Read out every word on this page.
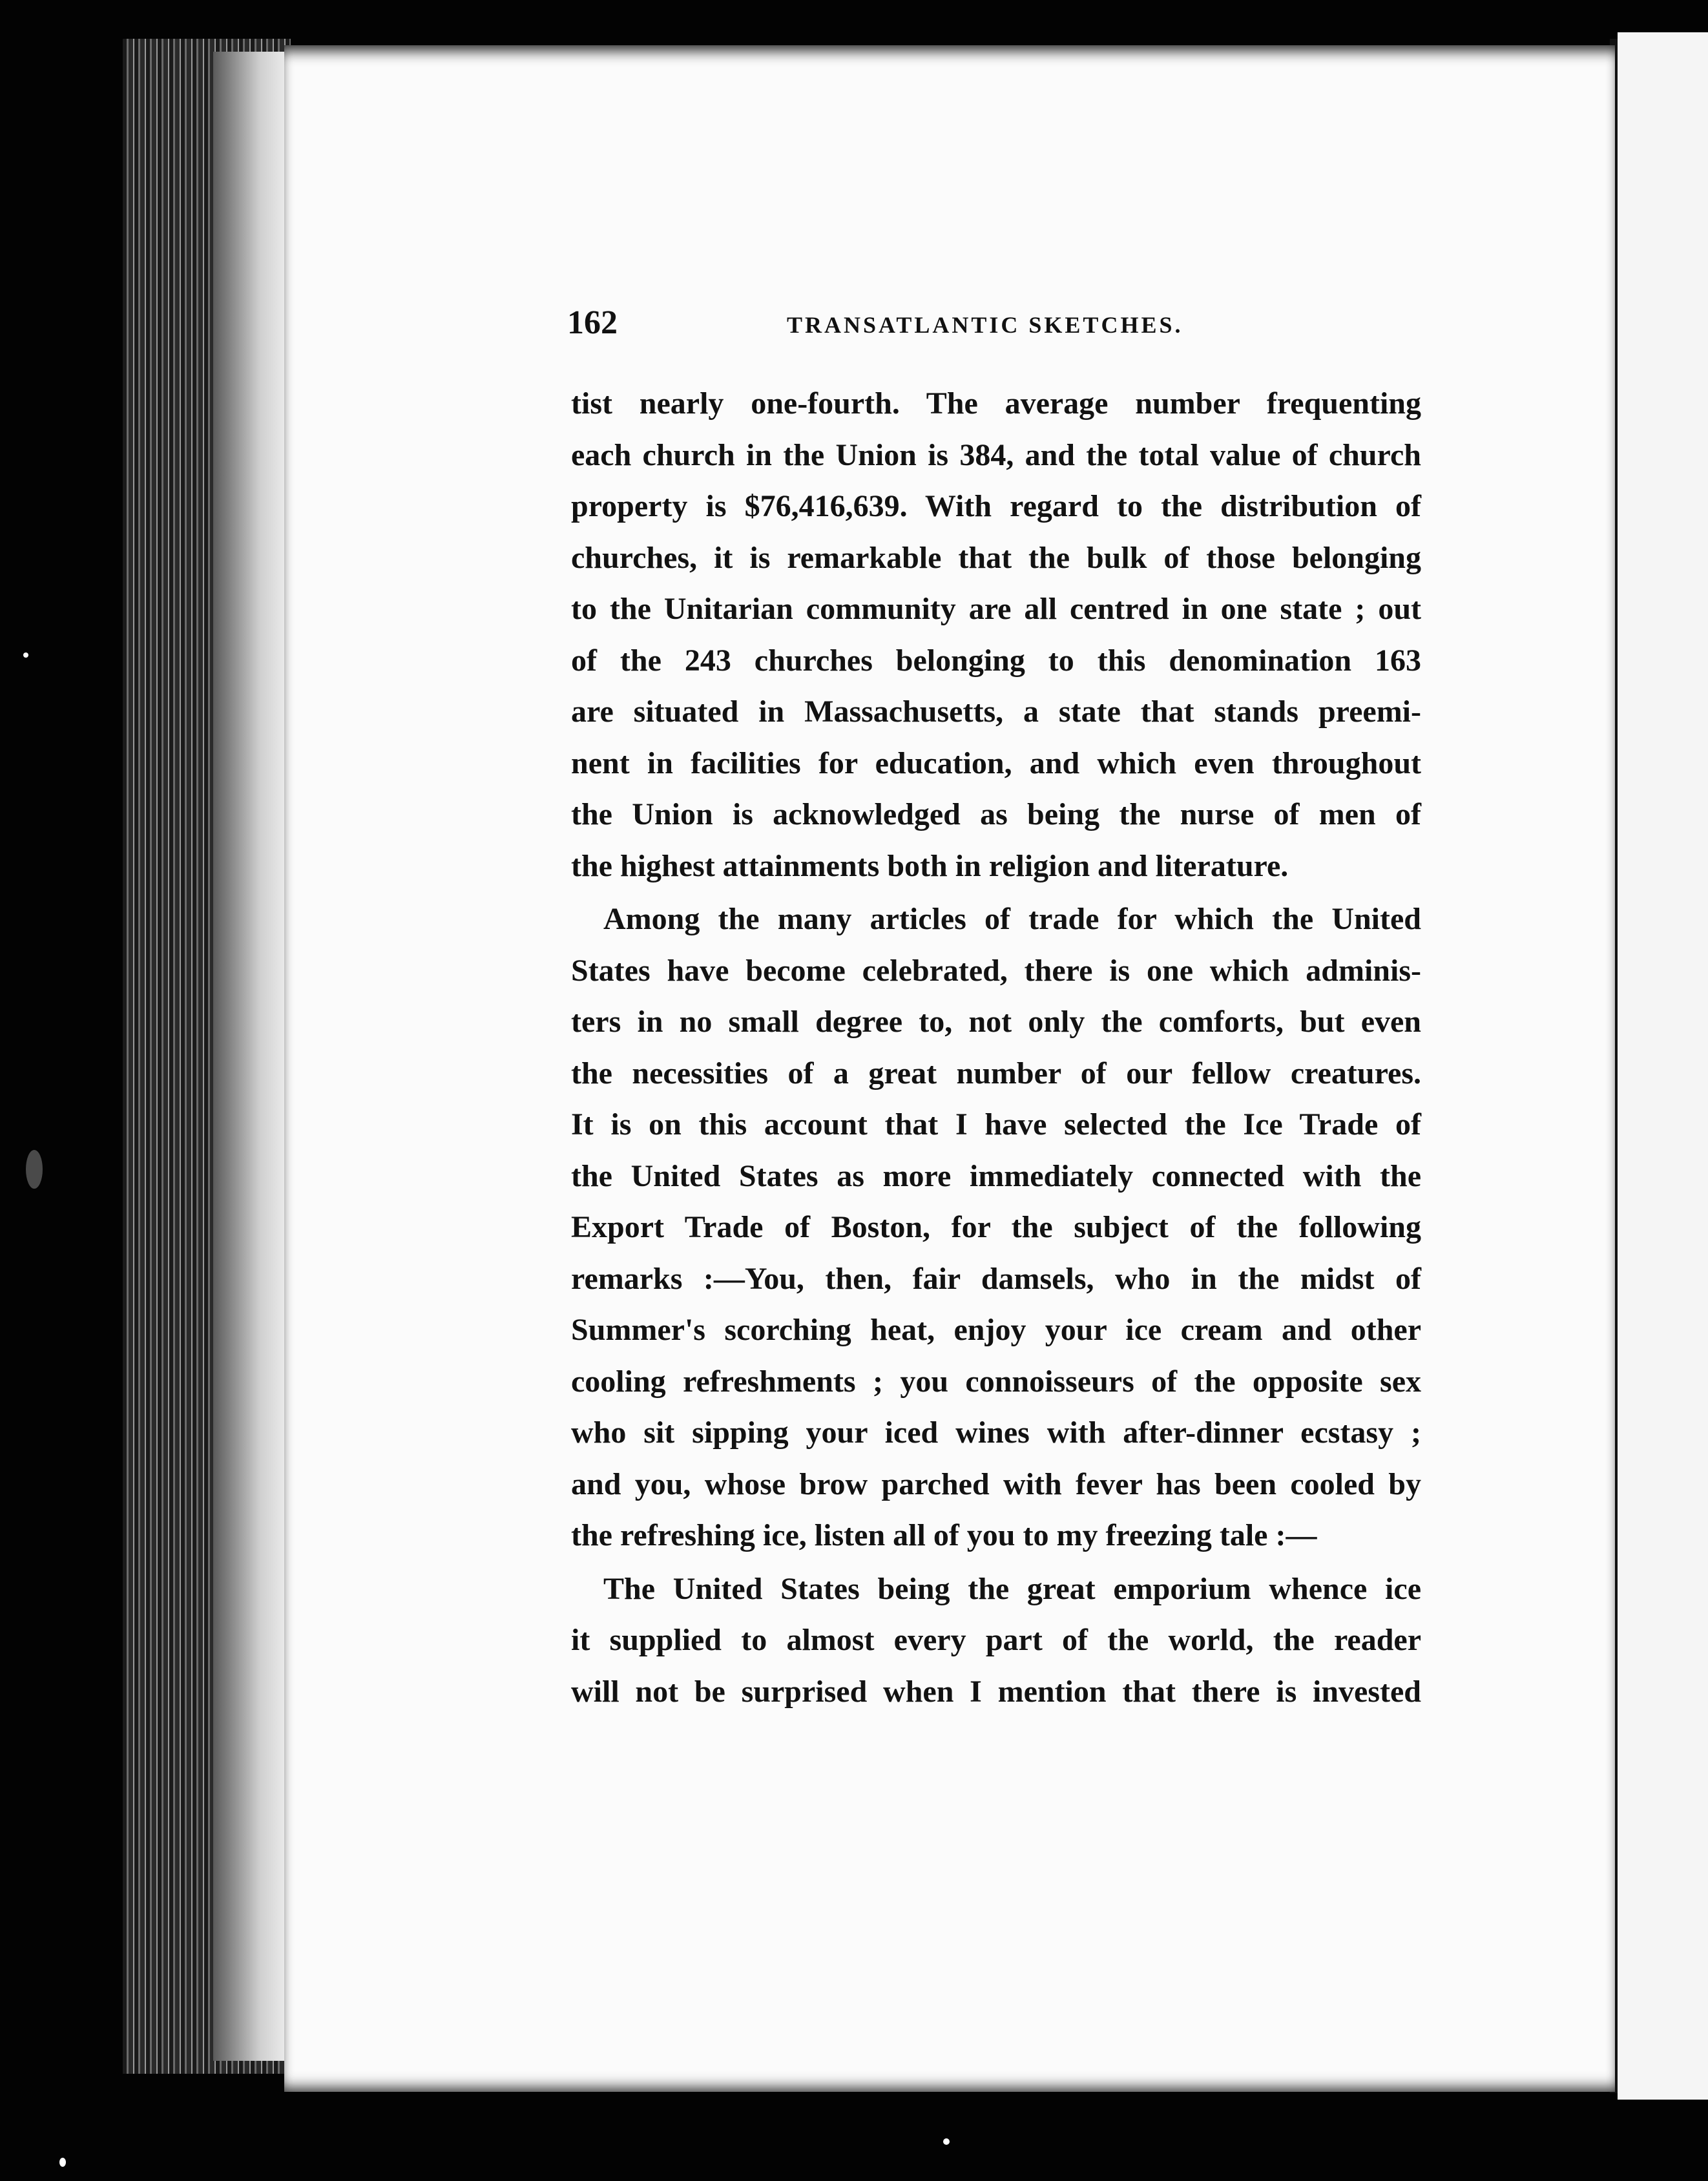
162	TRANSATLANTIC SKETCHES.
tist nearly one-fourth. The average number frequenting
each church in the Union is 384, and the total value of church
property is $76,416,639. With regard to the distribution of
churches, it is remarkable that the bulk of those belonging
to the Unitarian community are all centred in one state ; out
of the 243 churches belonging to this denomination 163
are situated in Massachusetts, a state that stands preemi-
nent in facilities for education, and which even throughout
the Union is acknowledged as being the nurse of men of
the highest attainments both in religion and literature.
Among the many articles of trade for which the United
States have become celebrated, there is one which adminis-
ters in no small degree to, not only the comforts, but even
the necessities of a great number of our fellow creatures.
It is on this account that I have selected the Ice Trade of
the United States as more immediately connected with the
Export Trade of Boston, for the subject of the following
remarks :—You, then, fair damsels, who in the midst of
Summer's scorching heat, enjoy your ice cream and other
cooling refreshments ; you connoisseurs of the opposite sex
who sit sipping your iced wines with after-dinner ecstasy ;
and you, whose brow parched with fever has been cooled by
the refreshing ice, listen all of you to my freezing tale :—
The United States being the great emporium whence ice
it supplied to almost every part of the world, the reader
will not be surprised when I mention that there is invested
